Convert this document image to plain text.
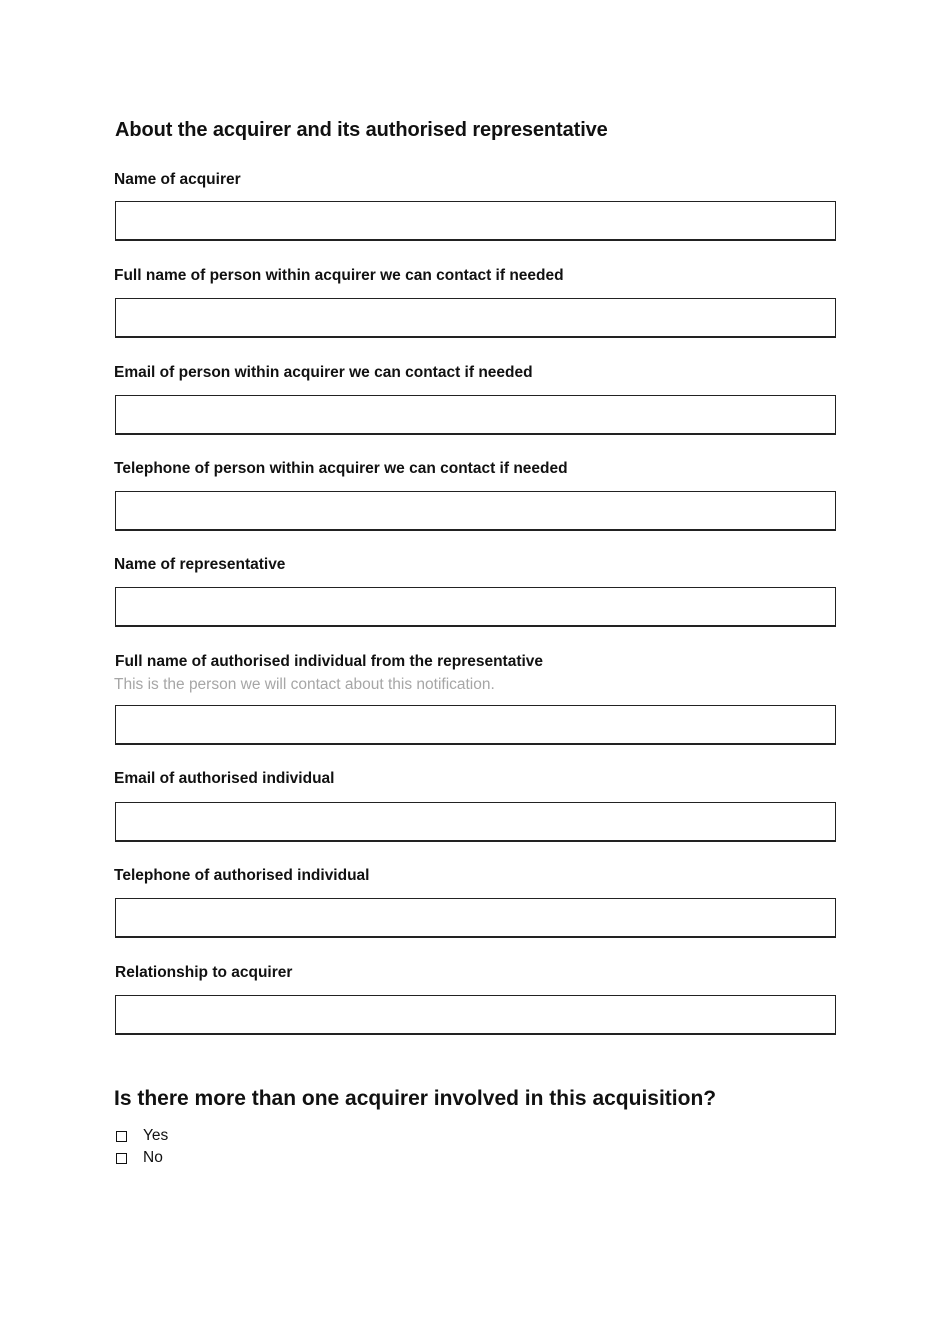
About the acquirer and its authorised representative

Name of acquirer

Full name of person within acquirer we can contact if needed

Email of person within acquirer we can contact if needed

Telephone of person within acquirer we can contact if needed

Name of representative

Full name of authorised individual from the representative

This is the person we will contact about this notification.

Email of authorised individual

Telephone of authorised individual

Relationship to acquirer

Is there more than one acquirer involved in this acquisition?
Yes
No
